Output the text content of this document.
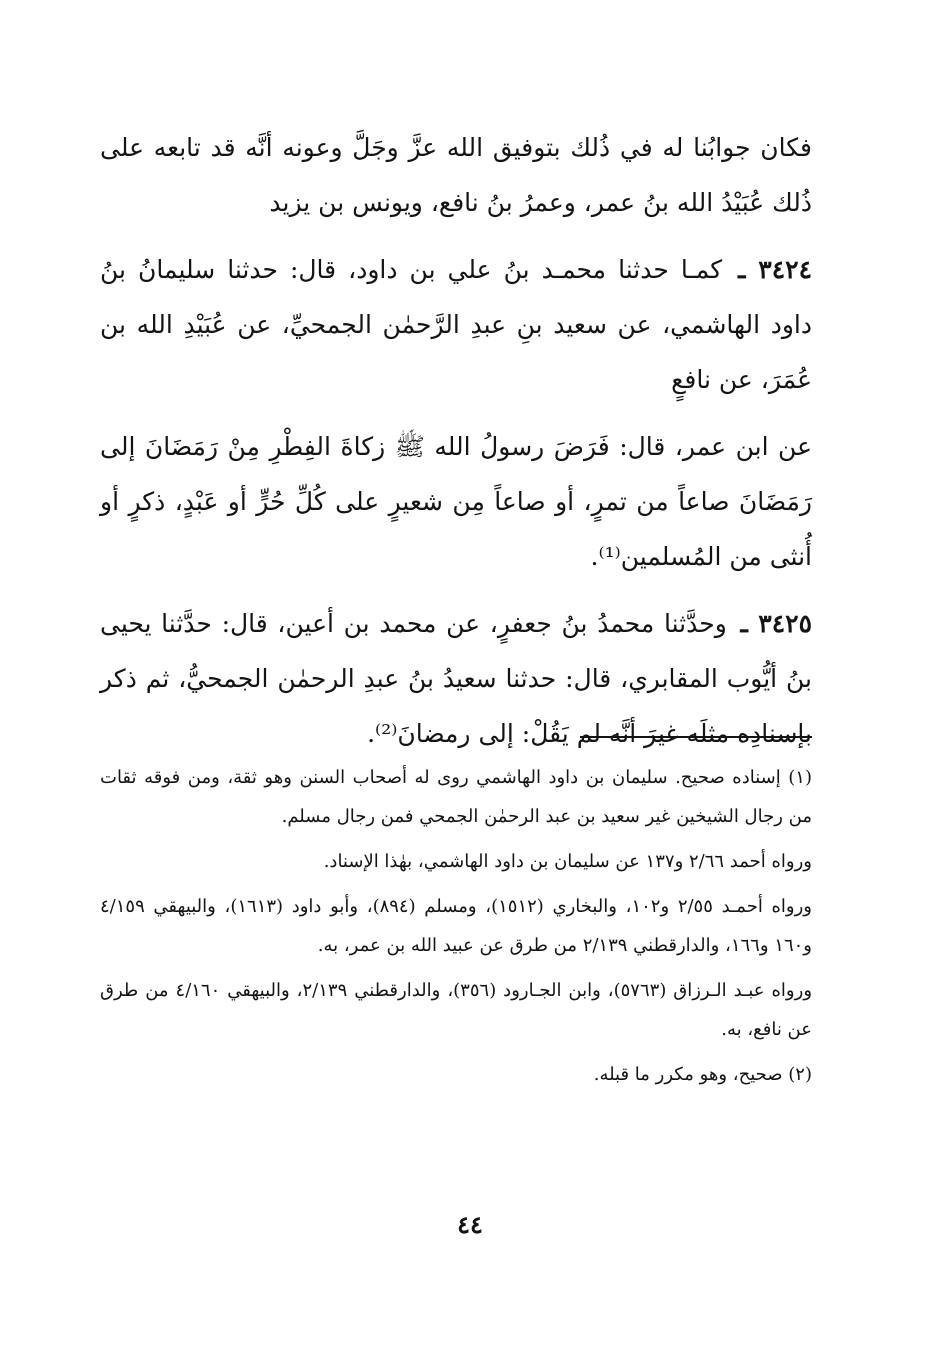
فكان جوابُنا له في ذُلك بتوفيق الله عزَّ وجَلَّ وعونه أنَّه قد تابعه على ذُلك عُبَيْدُ الله بنُ عمر، وعمرُ بنُ نافع، ويونس بن يزيد

٣٤٢٤ ـ كمـا حدثنا محمـد بنُ علي بن داود، قال: حدثنا سليمانُ بنُ داود الهاشمي، عن سعيد بنِ عبدِ الرَّحمٰن الجمحيِّ، عن عُبَيْدِ الله بن عُمَرَ، عن نافعٍ

عن ابن عمر، قال: فَرَضَ رسولُ الله ﷺ زكاةَ الفِطْرِ مِنْ رَمَضَانَ إلى رَمَضَانَ صاعاً من تمرٍ، أو صاعاً مِن شعيرٍ على كُلِّ حُرٍّ أو عَبْدٍ، ذكرٍ أو أُنثى من المُسلمين⁽¹⁾.

٣٤٢٥ ـ وحدَّثنا محمدُ بنُ جعفرٍ، عن محمد بن أعين، قال: حدَّثنا يحيى بنُ أيُّوب المقابري، قال: حدثنا سعيدُ بنُ عبدِ الرحمٰن الجمحيُّ، ثم ذكر بإسنادِه مثلَه غيرَ أنَّه لم يَقُلْ: إلى رمضانَ⁽²⁾.

(١) إسناده صحيح. سليمان بن داود الهاشمي روى له أصحاب السنن وهو ثقة، ومن فوقه ثقات من رجال الشيخين غير سعيد بن عبد الرحمٰن الجمحي فمن رجال مسلم.

ورواه أحمد ٢/٦٦ و١٣٧ عن سليمان بن داود الهاشمي، بهٰذا الإسناد.

ورواه أحمـد ٢/٥٥ و١٠٢، والبخاري (١٥١٢)، ومسلم (٨٩٤)، وأبو داود (١٦١٣)، والبيهقي ٤/١٥٩ و١٦٠ و١٦٦، والدارقطني ٢/١٣٩ من طرق عن عبيد الله بن عمر، به.

ورواه عبـد الـرزاق (٥٧٦٣)، وابن الجـارود (٣٥٦)، والدارقطني ٢/١٣٩، والبيهقي ٤/١٦٠ من طرق عن نافع، به.

(٢) صحيح، وهو مكرر ما قبله.

٤٤
